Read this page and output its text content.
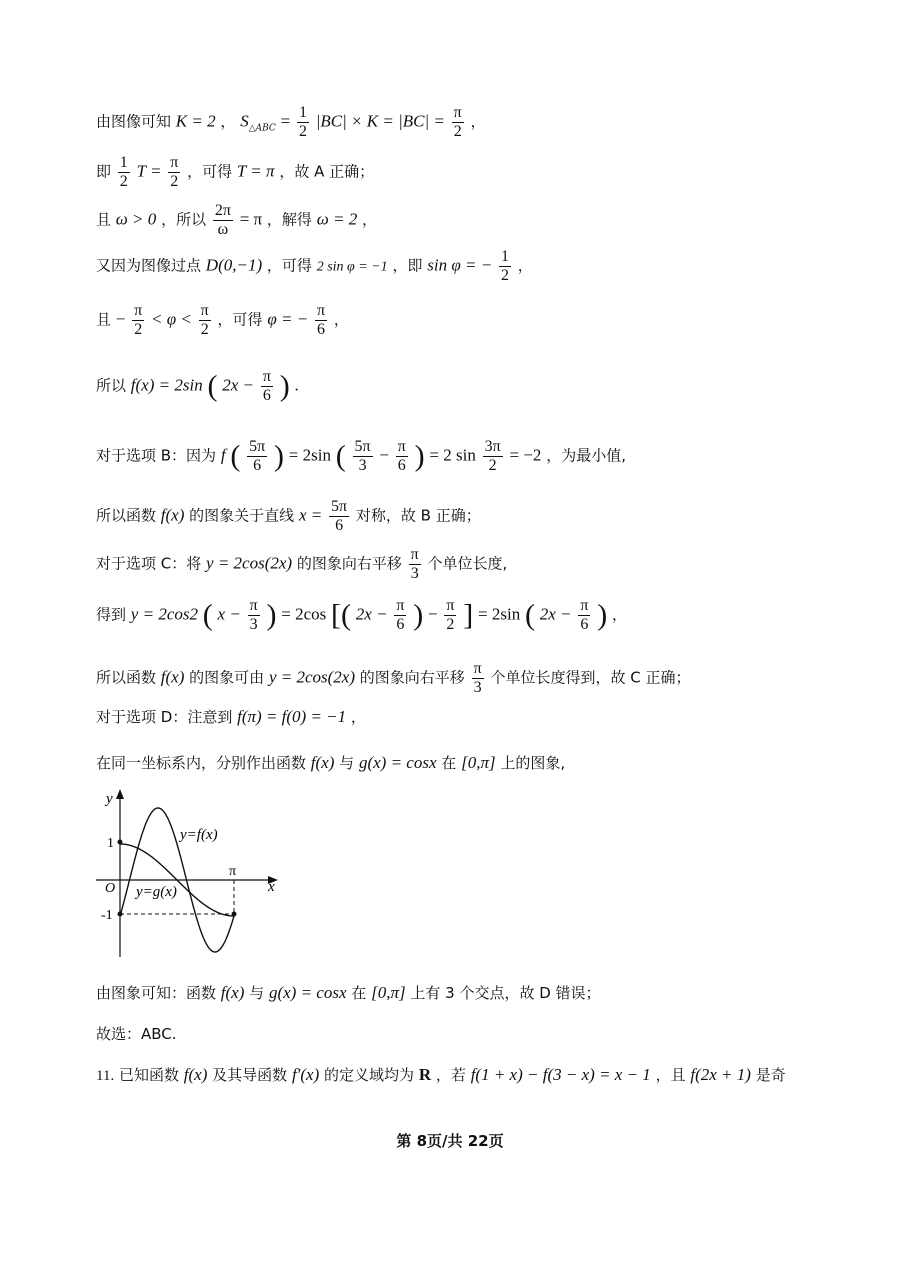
由图像可知 K = 2 ， $S_{\triangle ABC} = \frac{1}{2} |BC| \times K = |BC| = \frac{\pi}{2}$ ，
即 $\frac{1}{2}$ $T = \frac{\pi}{2}$ ，可得 T = π ，故 A 正确；
且 ω > 0 ，所以 $\frac{2\pi}{\omega} = \pi$ ，解得 ω = 2 ，
又因为图像过点 D(0,−1) ，可得 2 sin φ = −1 ，即 sin φ = − $\frac{1}{2}$ ，
且 − $\frac{\pi}{2} < \varphi < \frac{\pi}{2}$ ，可得 φ = − $\frac{\pi}{6}$ ，
所以 f(x) = 2sin ( $2x - \frac{\pi}{6}$ ) .
对于选项 B：因为 f ( $\frac{5\pi}{6}$ ) = 2sin ( $\frac{5\pi}{3} - \frac{\pi}{6}$ ) = 2 $\sin \frac{3\pi}{2} = -2$ ，为最小值,
所以函数 f(x) 的图象关于直线 $x = \frac{5\pi}{6}$ 对称，故 B 正确；
对于选项 C：将 y = 2cos(2x) 的图象向右平移 $\frac{\pi}{3}$ 个单位长度,
得到 y = 2cos2 ( $x - \frac{\pi}{3}$ ) = 2cos [( $2x - \frac{\pi}{6}$ ) − $\frac{\pi}{2}$ ] = 2sin ( $2x - \frac{\pi}{6}$ ) ，
所以函数 f(x) 的图象可由 y = 2cos(2x) 的图象向右平移 $\frac{\pi}{3}$ 个单位长度得到，故 C 正确；
对于选项 D：注意到 f(π) = f(0) = −1 ，
在同一坐标系内，分别作出函数 f(x) 与 g(x) = cosx 在 [0,π] 上的图象,
y
x
1
O
-1
π
y=f(x)
y=g(x)
由图象可知：函数 f(x) 与 g(x) = cosx 在 [0,π] 上有 3 个交点，故 D 错误；
故选：ABC.
11. 已知函数 f(x) 及其导函数 f′(x) 的定义域均为 R ，若 f(1 + x) − f(3 − x) = x − 1 ，且 f(2x + 1) 是奇
第 8页/共 22页
